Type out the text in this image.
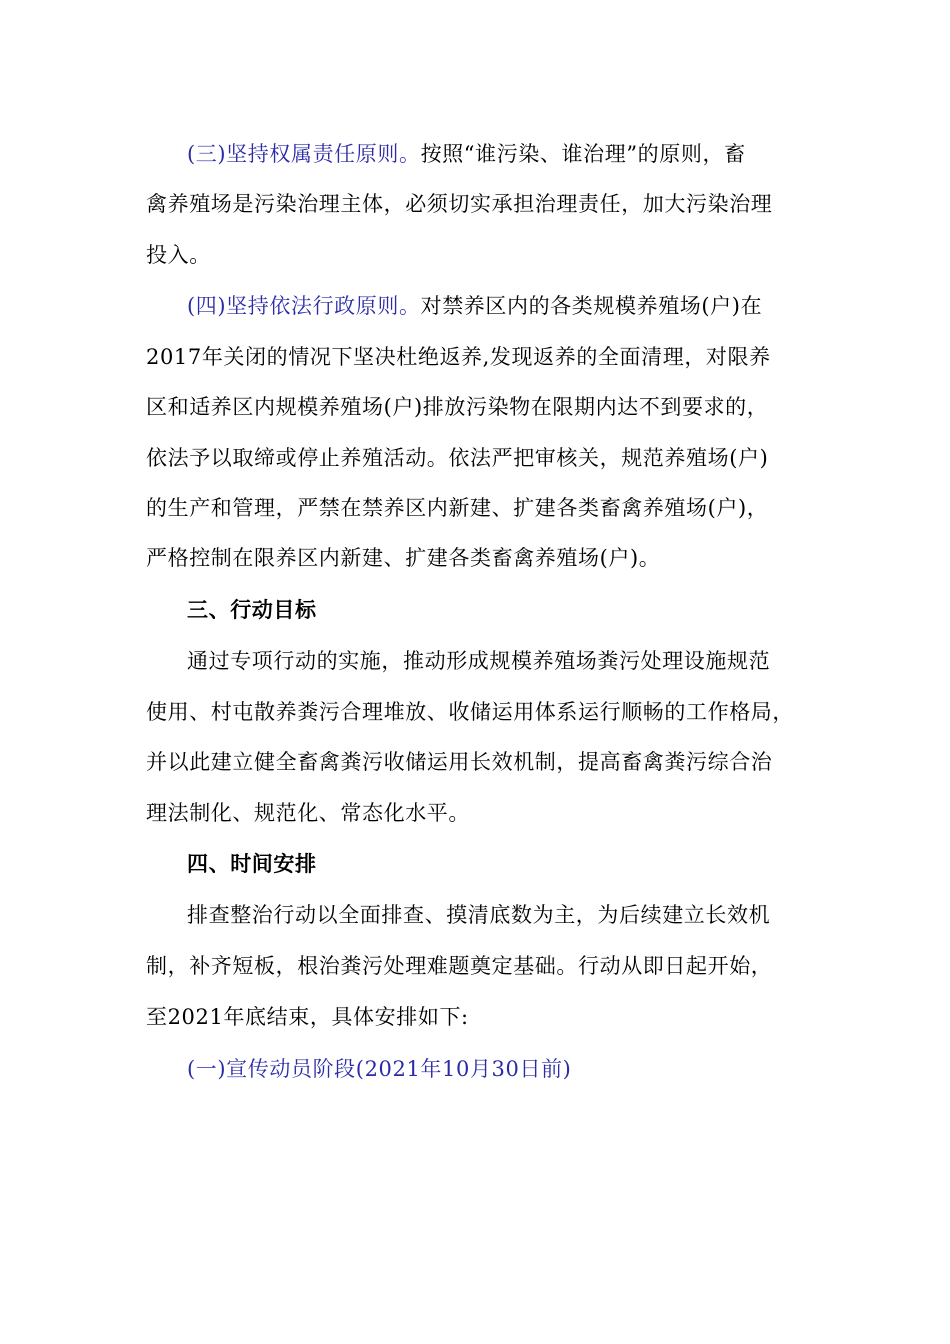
(三)坚持权属责任原则。按照“谁污染、谁治理”的原则，畜
禽养殖场是污染治理主体，必须切实承担治理责任，加大污染治理
投入。
(四)坚持依法行政原则。对禁养区内的各类规模养殖场(户)在
2017年关闭的情况下坚决杜绝返养,发现返养的全面清理，对限养
区和适养区内规模养殖场(户)排放污染物在限期内达不到要求的，
依法予以取缔或停止养殖活动。依法严把审核关，规范养殖场(户)
的生产和管理，严禁在禁养区内新建、扩建各类畜禽养殖场(户)，
严格控制在限养区内新建、扩建各类畜禽养殖场(户)。
三、行动目标
通过专项行动的实施，推动形成规模养殖场粪污处理设施规范
使用、村屯散养粪污合理堆放、收储运用体系运行顺畅的工作格局，
并以此建立健全畜禽粪污收储运用长效机制，提高畜禽粪污综合治
理法制化、规范化、常态化水平。
四、时间安排
排查整治行动以全面排查、摸清底数为主，为后续建立长效机
制，补齐短板，根治粪污处理难题奠定基础。行动从即日起开始，
至2021年底结束，具体安排如下:
(一)宣传动员阶段(2021年10月30日前)
